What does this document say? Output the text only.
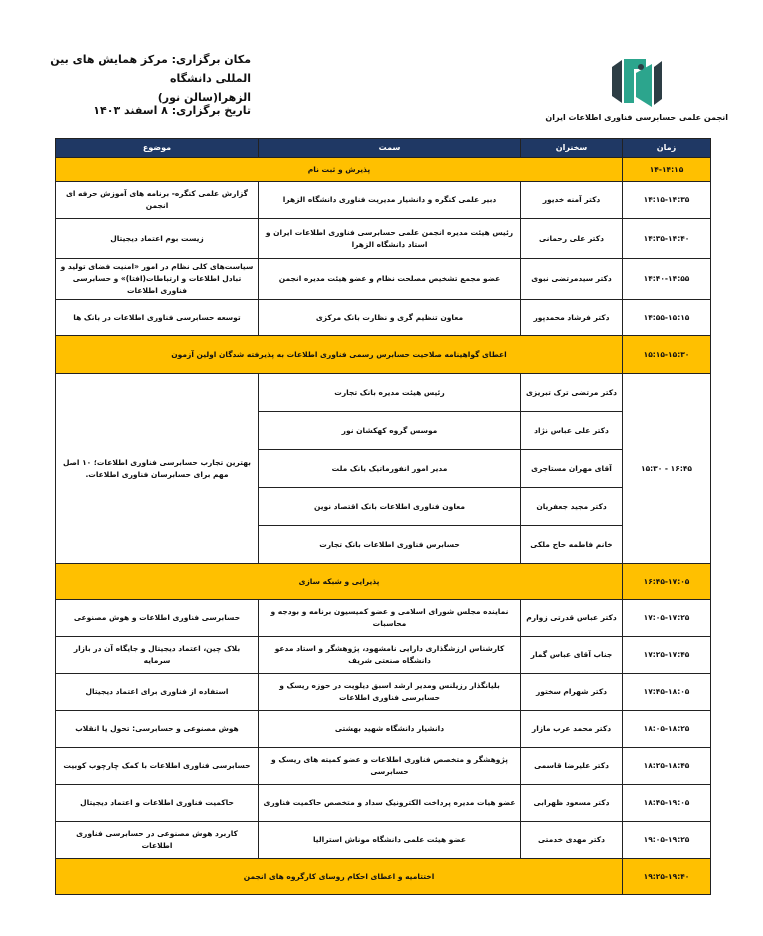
مکان برگزاری: مرکز همایش های بین المللی دانشگاه
الزهرا(سالن نور)
تاریخ برگزاری: ۸ اسفند ۱۴۰۳
انجمن علمی حسابرسی فناوری اطلاعات ایران
زمان	سخنران	سمت	موضوع
۱۴-۱۴:۱۵	پذیرش و ثبت نام		
۱۴:۱۵-۱۴:۳۵	دکتر آمنه خدیور	دبیر علمی کنگره و دانشیار مدیریت فناوری دانشگاه الزهرا	گزارش علمی کنگره- برنامه های آموزش حرفه ای انجمن
۱۴:۳۵-۱۴:۴۰	دکتر علی رحمانی	رئیس هیئت مدیره انجمن علمی حسابرسی فناوری اطلاعات ایران و استاد دانشگاه الزهرا	زیست بوم اعتماد دیجیتال
۱۴:۴۰-۱۴:۵۵	دکتر سیدمرتضی نبوی	عضو مجمع تشخیص مصلحت نظام و عضو هیئت مدیره انجمن	سیاست‌های کلی نظام در امور «امنیت فضای تولید و تبادل اطلاعات و ارتباطات(افتا)» و حسابرسی فناوری اطلاعات
۱۴:۵۵-۱۵:۱۵	دکتر فرشاد محمدپور	معاون تنظیم گری و نظارت بانک مرکزی	توسعه حسابرسی فناوری اطلاعات در بانک ها
۱۵:۱۵-۱۵:۳۰	اعطای گواهینامه صلاحیت حسابرس رسمی فناوری اطلاعات به پذیرفته شدگان اولین آزمون		
۱۵:۳۰ - ۱۶:۴۵	دکتر مرتضی ترک تبریزی	رئیس هیئت مدیره بانک تجارت	بهترین تجارب حسابرسی فناوری اطلاعات؛ ۱۰ اصل مهم برای حسابرسان فناوری اطلاعات.
	دکتر علی عباس نژاد	موسس گروه کهکشان نور	
	آقای مهران مستاجری	مدیر امور انفورماتیک بانک ملت	
	دکتر مجید جعفریان	معاون فناوری اطلاعات بانک اقتصاد نوین	
	خانم فاطمه حاج ملکی	حسابرس فناوری اطلاعات بانک تجارت	
۱۶:۴۵-۱۷:۰۵	پذیرایی و شبکه سازی		
۱۷:۰۵-۱۷:۲۵	دکتر عباس قدرتی زوارم	نماینده مجلس شورای اسلامی و عضو کمیسیون برنامه و بودجه و محاسبات	حسابرسی فناوری اطلاعات و هوش مصنوعی
۱۷:۲۵-۱۷:۴۵	جناب آقای عباس گمار	کارشناس ارزشگذاری دارایی نامشهود، پژوهشگر و استاد مدعو دانشگاه صنعتی شریف	بلاک چین، اعتماد دیجیتال و جایگاه آن در بازار سرمایه
۱۷:۴۵-۱۸:۰۵	دکتر شهرام سختور	بلیانگذار رزیلنس ومدیر ارشد اسبق دیلویت در حوزه ریسک و حسابرسی فناوری اطلاعات	استفاده از فناوری برای اعتماد دیجیتال
۱۸:۰۵-۱۸:۲۵	دکتر محمد عرب مازار	دانشیار دانشگاه شهید بهشتی	هوش مصنوعی و حسابرسی: تحول یا انقلاب
۱۸:۲۵-۱۸:۴۵	دکتر علیرضا قاسمی	پژوهشگر و متخصص فناوری اطلاعات و عضو کمیته های ریسک و حسابرسی	حسابرسی فناوری اطلاعات با کمک چارچوب کوبیت
۱۸:۴۵-۱۹:۰۵	دکتر مسعود ظهرابی	عضو هیات مدیره پرداخت الکترونیک سداد و متخصص حاکمیت فناوری	حاکمیت فناوری اطلاعات و اعتماد دیجیتال
۱۹:۰۵-۱۹:۲۵	دکتر مهدی خدمتی	عضو هیئت علمی دانشگاه موناش استرالیا	کاربرد هوش مصنوعی در حسابرسی فناوری اطلاعات
۱۹:۲۵-۱۹:۴۰	اختتامیه و اعطای احکام روسای کارگروه های انجمن		
